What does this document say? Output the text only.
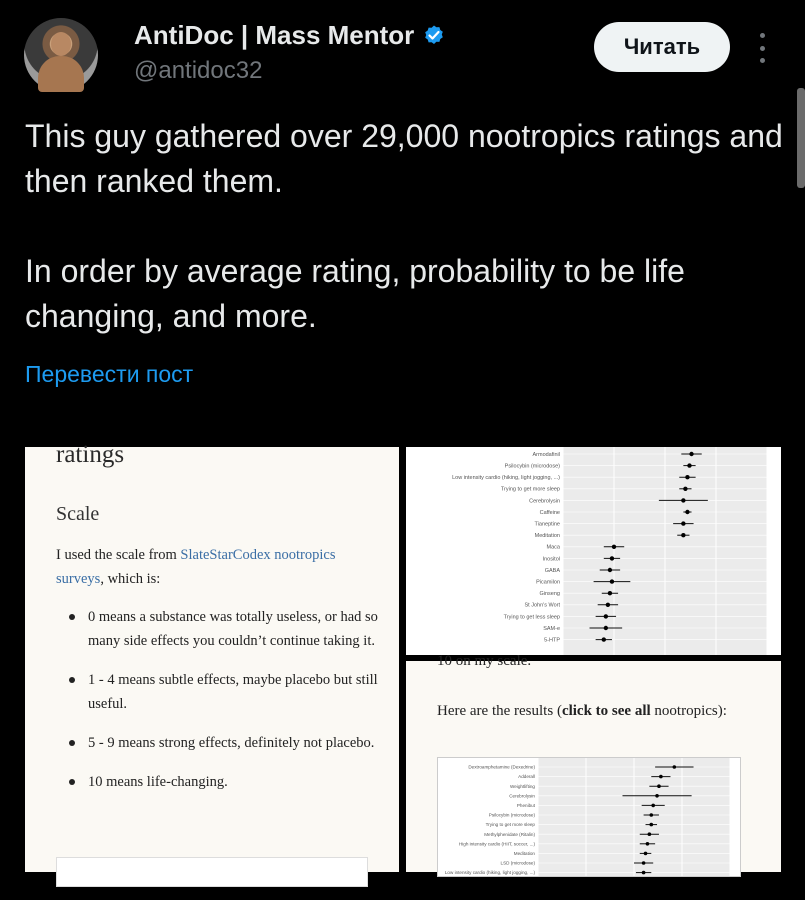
AntiDoc | Mass Mentor
@antidoc32
Читать

This guy gathered over 29,000 nootropics ratings and then ranked them.

In order by average rating, probability to be life changing, and more.

Перевести пост
ratings
Scale
I used the scale from SlateStarCodex nootropics surveys, which is:
0 means a substance was totally useless, or had so many side effects you couldn’t continue taking it.
1 - 4 means subtle effects, maybe placebo but still useful.
5 - 9 means strong effects, definitely not placebo.
10 means life-changing.
Armodafinil
Psilocybin (microdose)
Low intensity cardio (hiking, light jogging, ...)
Trying to get more sleep
Cerebrolysin
Caffeine
Tianeptine
Meditation
Maca
Inositol
GABA
Picamilon
Ginseng
St John's Wort
Trying to get less sleep
SAM-e
5-HTP
10 on my scale.
Here are the results (click to see all nootropics):
Dextroamphetamine (Dexedrine)
Adderall
Weightlifting
Cerebrolysin
Phenibut
Psilocybin (microdose)
Trying to get more sleep
Methylphenidate (Ritalin)
High intensity cardio (HIIT, soccer, ...)
Meditation
LSD (microdose)
Low intensity cardio (hiking, light jogging, ...)
